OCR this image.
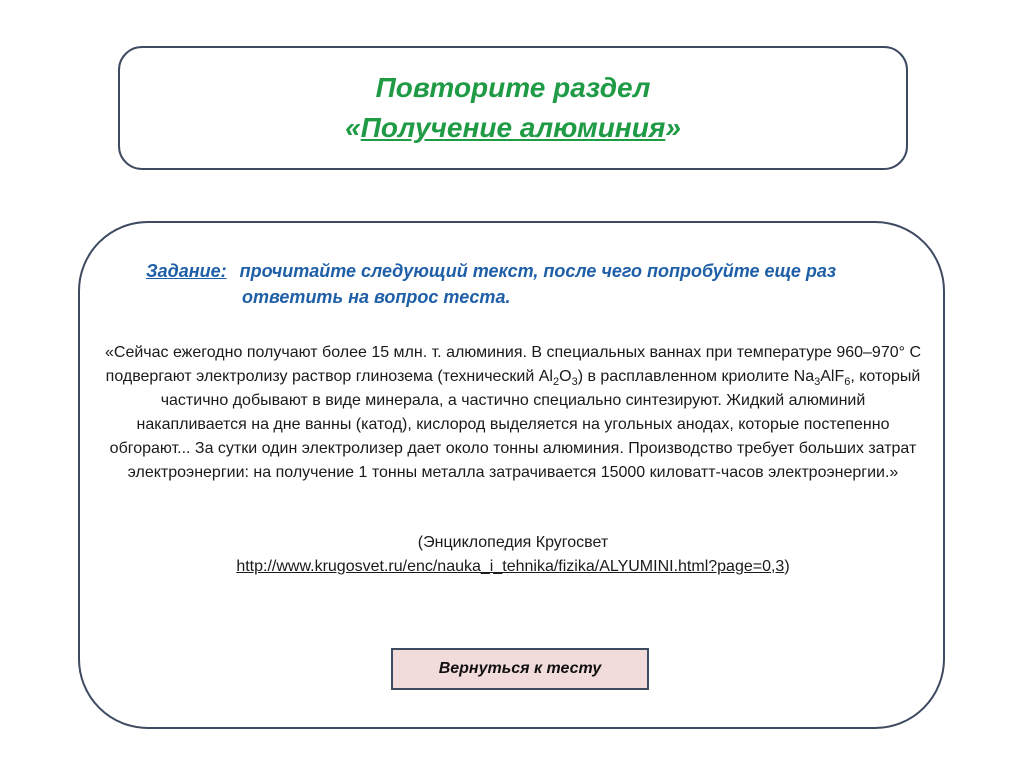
Повторите раздел
«Получение алюминия»
Задание: прочитайте следующий текст, после чего попробуйте еще раз
ответить на вопрос теста.
«Сейчас ежегодно получают более 15 млн. т. алюминия. В специальных ваннах при температуре 960–970° С подвергают электролизу раствор глинозема (технический $Al_2O_3$) в расплавленном криолите $Na_3AlF_6$, который частично добывают в виде минерала, а частично специально синтезируют. Жидкий алюминий накапливается на дне ванны (катод), кислород выделяется на угольных анодах, которые постепенно обгорают... За сутки один электролизер дает около тонны алюминия. Производство требует больших затрат электроэнергии: на получение 1 тонны металла затрачивается 15000 киловатт-часов электроэнергии.»
(Энциклопедия Кругосвет
http://www.krugosvet.ru/enc/nauka_i_tehnika/fizika/ALYUMINI.html?page=0,3)
Вернуться к тесту
